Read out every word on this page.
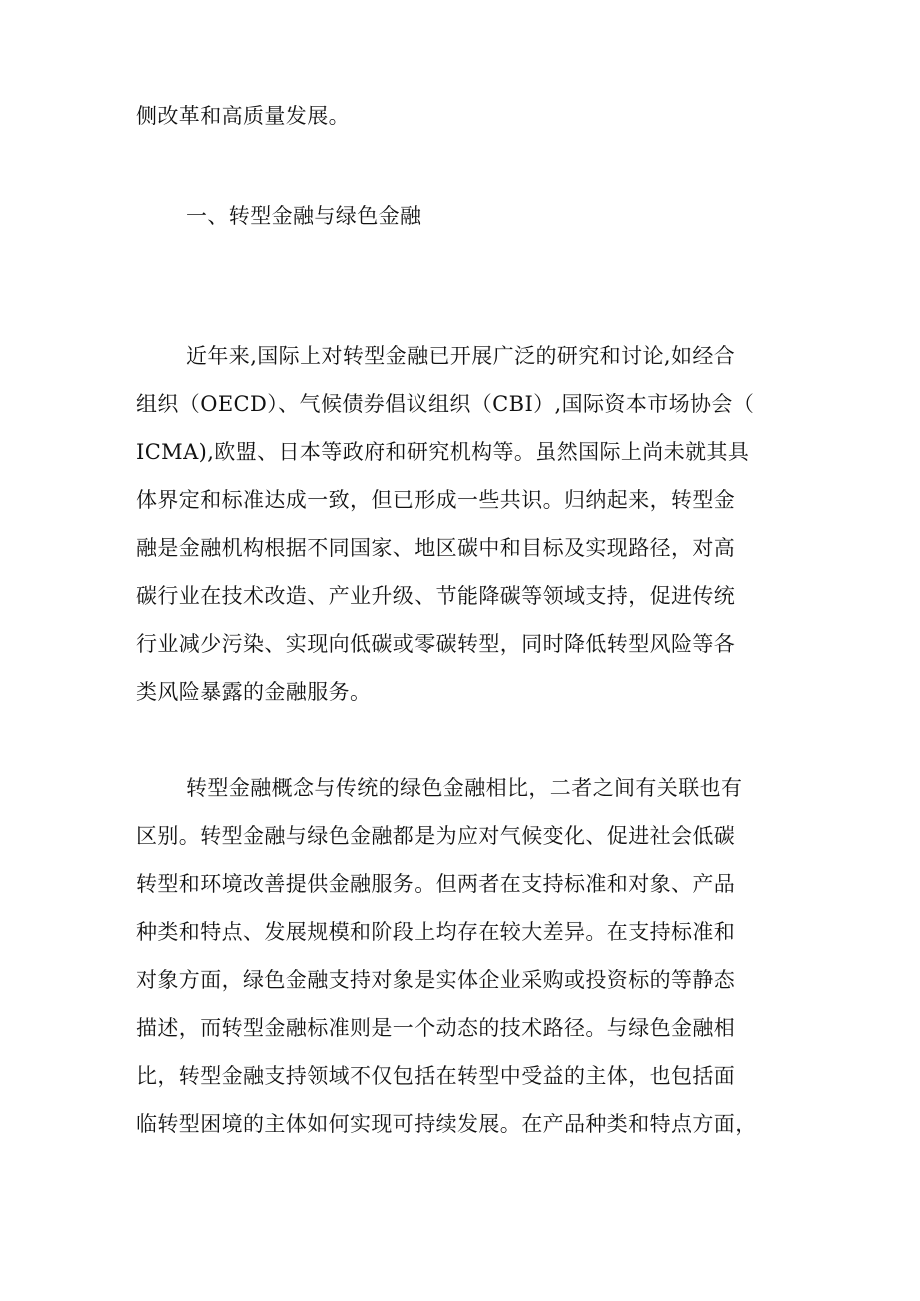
侧改革和高质量发展。

一、转型金融与绿色金融

近年来,国际上对转型金融已开展广泛的研究和讨论,如经合

组织（OECD）、气候债券倡议组织（CBI）,国际资本市场协会（

ICMA),欧盟、日本等政府和研究机构等。虽然国际上尚未就其具

体界定和标准达成一致，但已形成一些共识。归纳起来，转型金

融是金融机构根据不同国家、地区碳中和目标及实现路径，对高

碳行业在技术改造、产业升级、节能降碳等领域支持，促进传统

行业减少污染、实现向低碳或零碳转型，同时降低转型风险等各

类风险暴露的金融服务。

转型金融概念与传统的绿色金融相比，二者之间有关联也有

区别。转型金融与绿色金融都是为应对气候变化、促进社会低碳

转型和环境改善提供金融服务。但两者在支持标准和对象、产品

种类和特点、发展规模和阶段上均存在较大差异。在支持标准和

对象方面，绿色金融支持对象是实体企业采购或投资标的等静态

描述，而转型金融标准则是一个动态的技术路径。与绿色金融相

比，转型金融支持领域不仅包括在转型中受益的主体，也包括面

临转型困境的主体如何实现可持续发展。在产品种类和特点方面，
